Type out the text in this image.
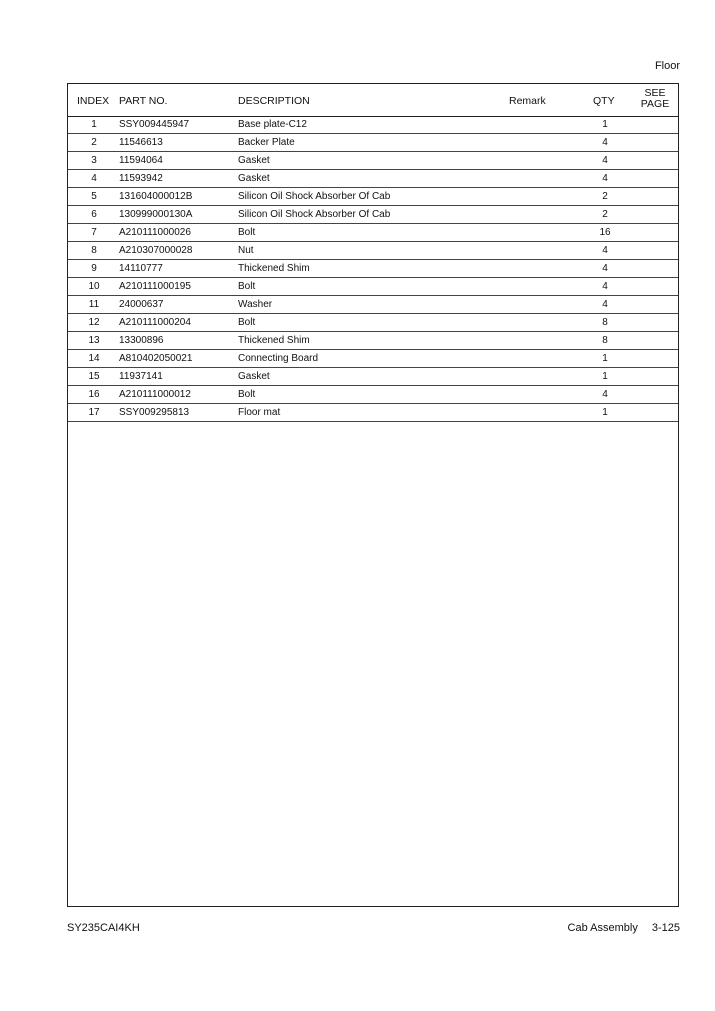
Floor
INDEX PART NO.	DESCRIPTION	Remark	QTY
SEE
PAGE
1	SSY009445947	Base plate-C12	1
2	11546613	Backer Plate	4
3	11594064	Gasket	4
4	11593942	Gasket	4
5	131604000012B	Silicon Oil Shock Absorber Of Cab	2
6	130999000130A	Silicon Oil Shock Absorber Of Cab	2
7	A210111000026	Bolt	16
8	A210307000028	Nut	4
9	14110777	Thickened Shim	4
10	A210111000195	Bolt	4
11	24000637	Washer	4
12	A210111000204	Bolt	8
13	13300896	Thickened Shim	8
14	A810402050021	Connecting Board	1
15	11937141	Gasket	1
16	A210111000012	Bolt	4
17	SSY009295813	Floor mat	1
SY235CAI4KH	Cab Assembly 3-125
